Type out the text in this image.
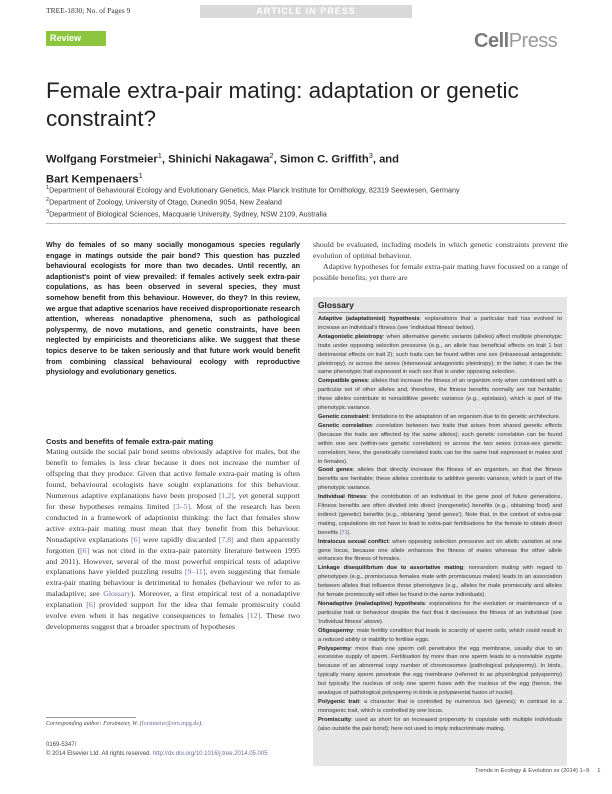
TREE-1830; No. of Pages 9	ARTICLE IN PRESS
Review	CellPress
Female extra-pair mating: adaptation or genetic constraint?
Wolfgang Forstmeier$^1$, Shinichi Nakagawa$^2$, Simon C. Griffith$^3$, and
Bart Kempenaers$^1$
$^1$Department of Behavioural Ecology and Evolutionary Genetics, Max Planck Institute for Ornithology, 82319 Seewiesen, Germany
$^2$Department of Zoology, University of Otago, Dunedin 9054, New Zealand
$^3$Department of Biological Sciences, Macquarie University, Sydney, NSW 2109, Australia
Why do females of so many socially monogamous species regularly engage in matings outside the pair bond? This question has puzzled behavioural ecologists for more than two decades. Until recently, an adaptionist's point of view prevailed: if females actively seek extra-pair copulations, as has been observed in several species, they must somehow benefit from this behaviour. However, do they? In this review, we argue that adaptive scenarios have received disproportionate research attention, whereas nonadaptive phenomena, such as pathological polyspermy, de novo mutations, and genetic constraints, have been neglected by empiricists and theoreticians alike. We suggest that these topics deserve to be taken seriously and that future work would benefit from combining classical behavioural ecology with reproductive physiology and evolutionary genetics.
Costs and benefits of female extra-pair mating
Mating outside the social pair bond seems obviously adaptive for males, but the benefit to females is less clear because it does not increase the number of offspring that they produce. Given that active female extra-pair mating is often found, behavioural ecologists have sought explanations for this behaviour. Numerous adaptive explanations have been proposed [1,2], yet general support for these hypotheses remains limited [3–5]. Most of the research has been conducted in a framework of adaptionist thinking: the fact that females show active extra-pair mating must mean that they benefit from this behaviour. Nonadaptive explanations [6] were rapidly discarded [7,8] and then apparently forgotten ([6] was not cited in the extra-pair paternity literature between 1995 and 2011). However, several of the most powerful empirical tests of adaptive explanations have yielded puzzling results [9–11], even suggesting that female extra-pair mating behaviour is detrimental to females (behaviour we refer to as maladaptive; see Glossary). Moreover, a first empirical test of a nonadaptive explanation [6] provided support for the idea that female promiscuity could evolve even when it has negative consequences to females [12]. These two developments suggest that a broader spectrum of hypotheses
Corresponding author: Forstmeier, W. (forstmeier@orn.mpg.de).
0169-5347/
© 2014 Elsevier Ltd. All rights reserved. http://dx.doi.org/10.1016/j.tree.2014.05.005
should be evaluated, including models in which genetic constraints prevent the evolution of optimal behaviour.
Adaptive hypotheses for female extra-pair mating have focussed on a range of possible benefits, yet there are
Glossary
Adaptive (adaptationist) hypothesis: explanations that a particular trait has evolved to increase an individual's fitness (see 'individual fitness' below).
Antagonistic pleiotropy: when alternative genetic variants (alleles) affect multiple phenotypic traits under opposing selection pressures (e.g., an allele has beneficial effects on trait 1 but detrimental effects on trait 2); such traits can be found within one sex (intrasexual antagonistic pleiotropy), or across the sexes (intersexual antagonistic pleiotropy); in the latter, it can be the same phenotypic trait expressed in each sex that is under opposing selection.
Compatible genes: alleles that increase the fitness of an organism only when combined with a particular set of other alleles and, therefore, the fitness benefits normally are not heritable; these alleles contribute to nonadditive genetic variance (e.g., epistasis), which is part of the phenotypic variance.
Genetic constraint: limitations to the adaptation of an organism due to its genetic architecture.
Genetic correlation: correlation between two traits that arises from shared genetic effects (because the traits are affected by the same alleles); such genetic correlation can be found within one sex (within-sex genetic correlation) or across the two sexes (cross-sex genetic correlation; here, the genetically correlated traits can be the same trait expressed in males and in females).
Good genes: alleles that directly increase the fitness of an organism, so that the fitness benefits are heritable; these alleles contribute to additive genetic variance, which is part of the phenotypic variance.
Individual fitness: the contribution of an individual to the gene pool of future generations. Fitness benefits are often divided into direct (nongenetic) benefits (e.g., obtaining food) and indirect (genetic) benefits (e.g., obtaining 'good genes'). Note that, in the context of extra-pair mating, copulations do not have to lead to extra-pair fertilisations for the female to obtain direct benefits [71].
Intralocus sexual conflict: when opposing selection pressures act on allelic variation at one gene locus, because one allele enhances the fitness of males whereas the other allele enhances the fitness of females.
Linkage disequilibrium due to assortative mating: nonrandom mating with regard to phenotypes (e.g., promiscuous females mate with promiscuous males) leads to an association between alleles that influence those phenotypes (e.g., alleles for male promiscuity and alleles for female promiscuity will often be found in the same individuals).
Nonadaptive (maladaptive) hypothesis: explanations for the evolution or maintenance of a particular trait or behaviour despite the fact that it decreases the fitness of an individual (see 'individual fitness' above).
Oligospermy: male fertility condition that leads to scarcity of sperm cells, which could result in a reduced ability or inability to fertilise eggs.
Polyspermy: more than one sperm cell penetrates the egg membrane, usually due to an excessive supply of sperm. Fertilisation by more than one sperm leads to a nonviable zygote because of an abnormal copy number of chromosomes (pathological polyspermy). In birds, typically many sperm penetrate the egg membrane (referred to as physiological polyspermy) but typically the nucleus of only one sperm fuses with the nucleus of the egg (hence, the analogue of pathological polyspermy in birds is polyparental fusion of nuclei).
Polygenic trait: a character that is controlled by numerous loci (genes); in contrast to a monogenic trait, which is controlled by one locus.
Promiscuity: used as short for an increased propensity to copulate with multiple individuals (also outside the pair bond); here not used to imply indiscriminate mating.
Trends in Ecology & Evolution xx (2014) 1–9     1
